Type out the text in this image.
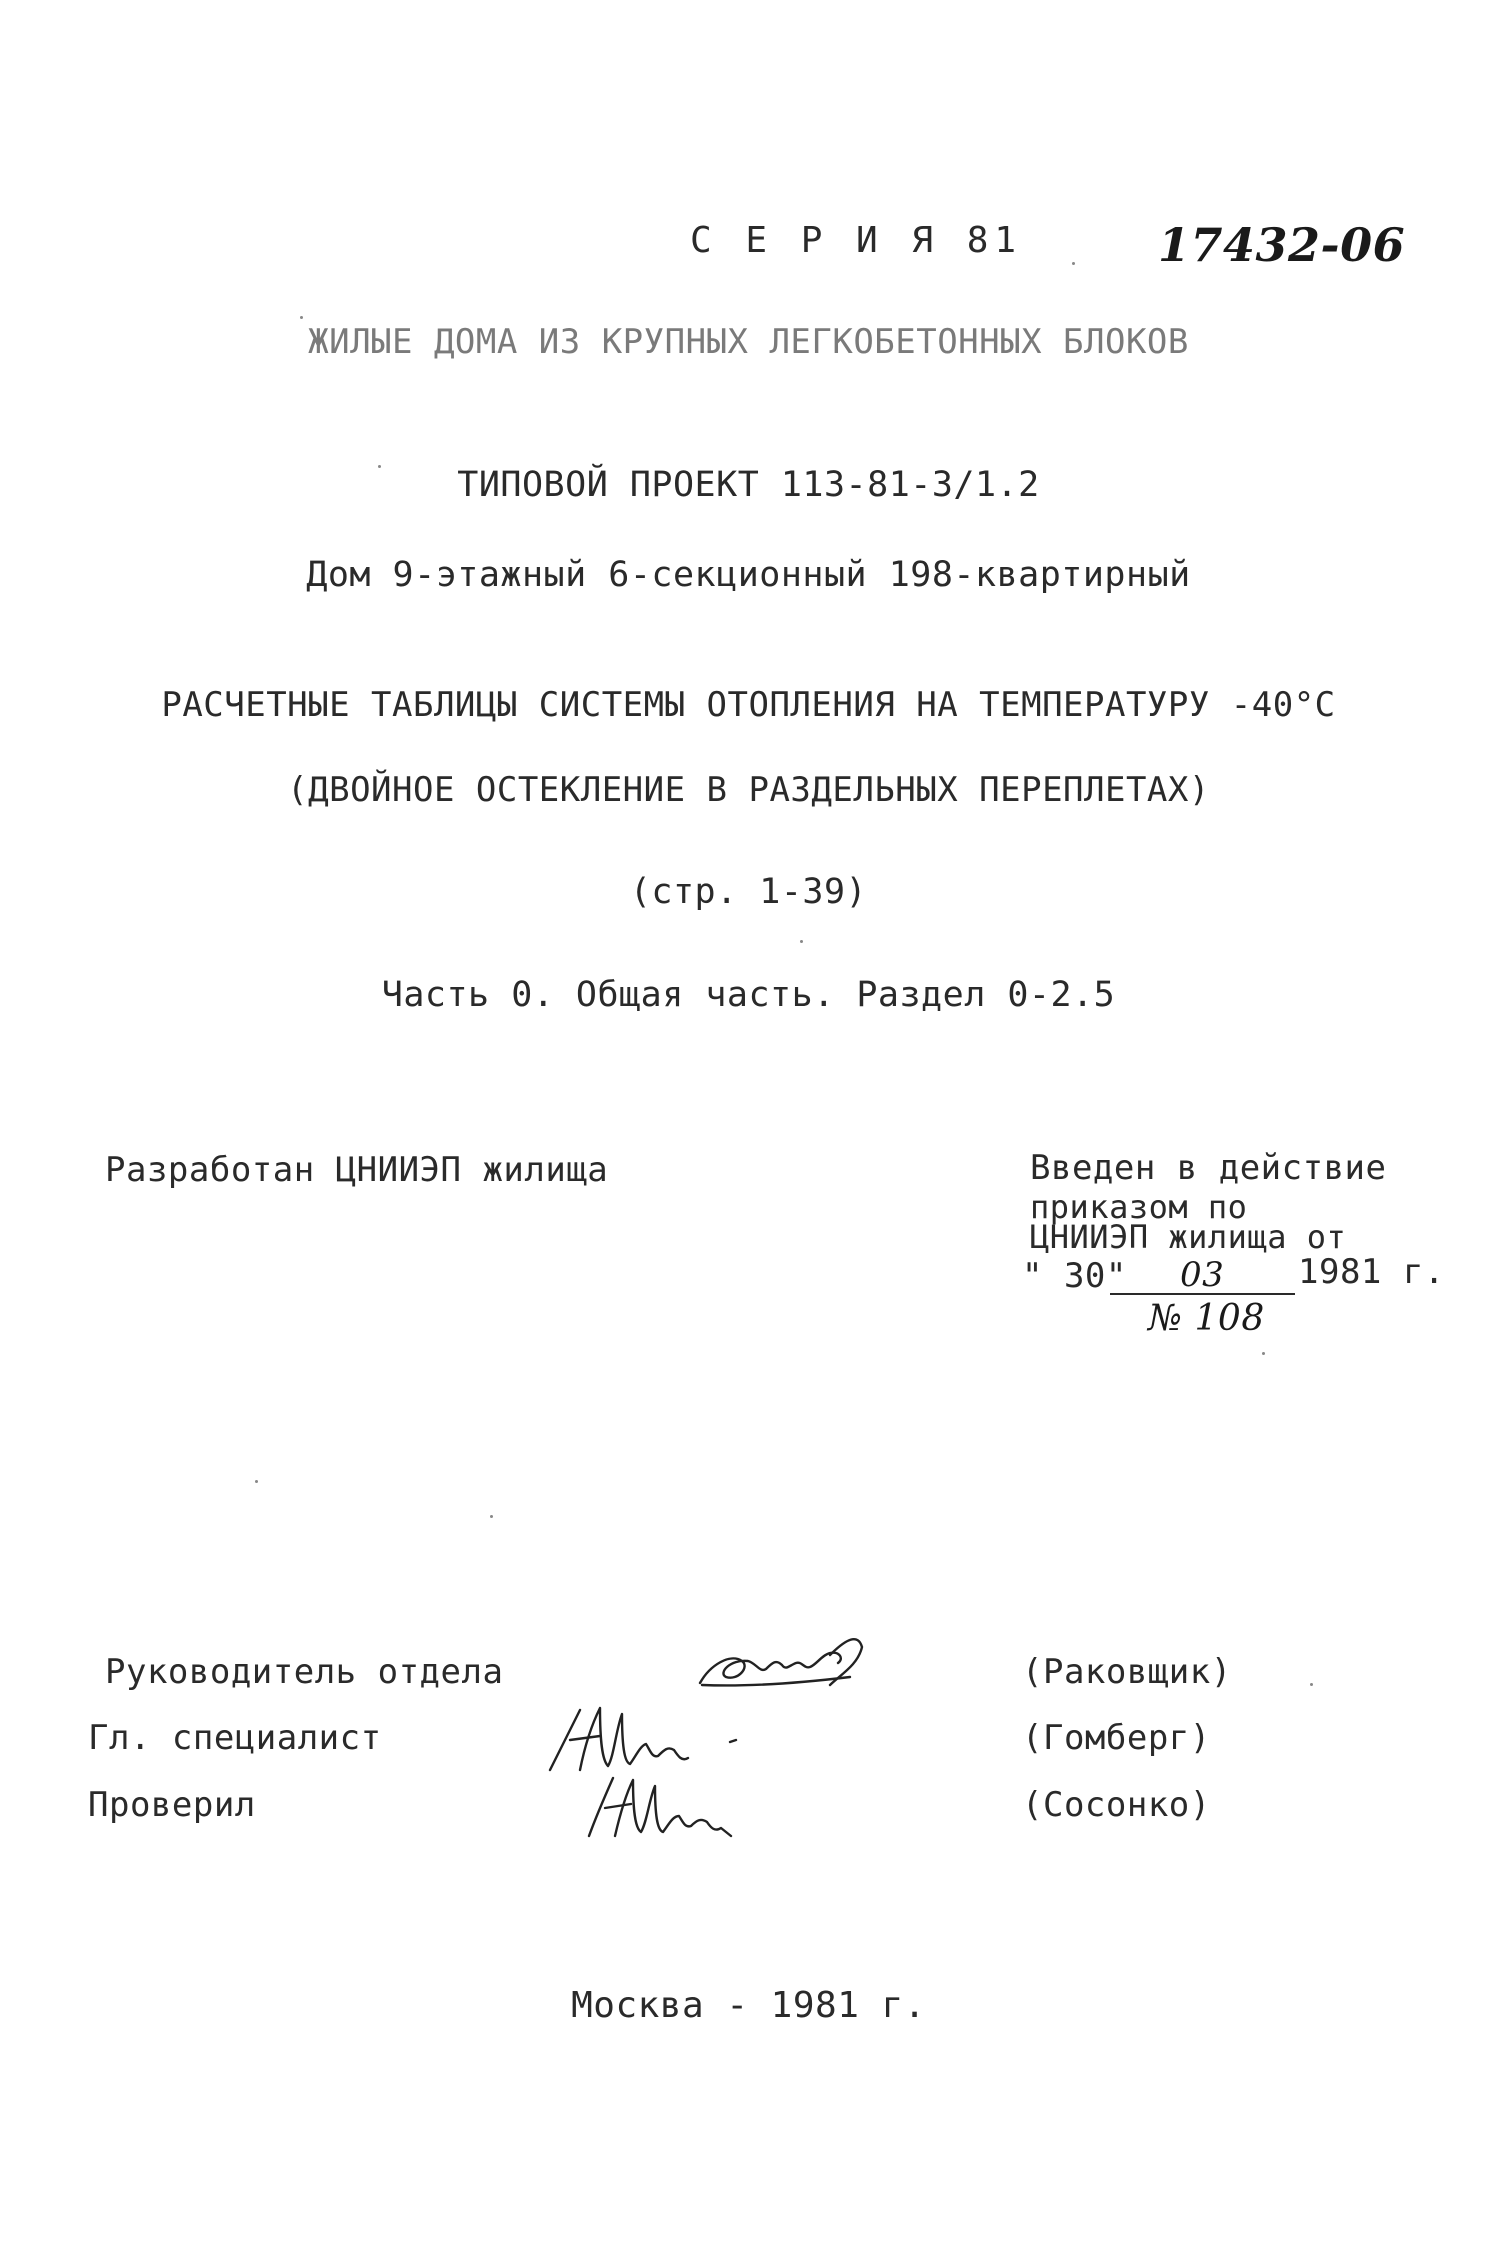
С Е Р И Я 81	17432-06
ЖИЛЫЕ ДОМА ИЗ КРУПНЫХ ЛЕГКОБЕТОННЫХ БЛОКОВ
ТИПОВОЙ ПРОЕКТ 113-81-3/1.2
Дом 9-этажный 6-секционный 198-квартирный
РАСЧЕТНЫЕ ТАБЛИЦЫ СИСТЕМЫ ОТОПЛЕНИЯ НА ТЕМПЕРАТУРУ -40°С
(ДВОЙНОЕ ОСТЕКЛЕНИЕ В РАЗДЕЛЬНЫХ ПЕРЕПЛЕТАХ)
(стр. 1-39)
Часть 0. Общая часть. Раздел 0-2.5
Разработан ЦНИИЭП жилища	Введен в действие
приказом по
ЦНИИЭП жилища от
" 30" 03 1981 г.
№ 108
Руководитель отдела
Гл. специалист
Проверил
(Раковщик)
(Гомберг)
(Сосонко)
Москва - 1981 г.
